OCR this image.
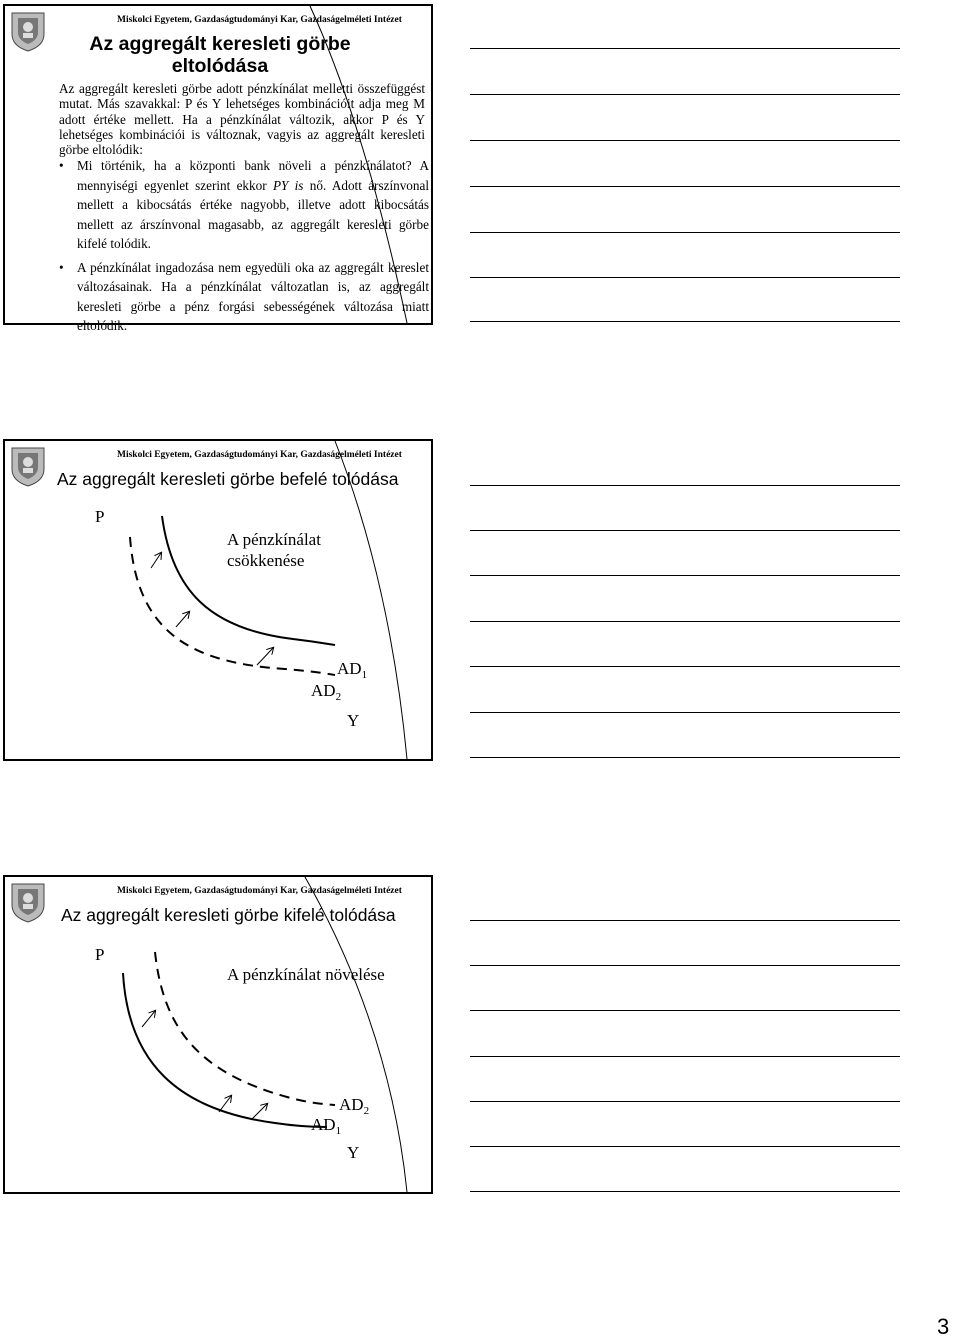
Miskolci Egyetem, Gazdaságtudományi Kar, Gazdaságelméleti Intézet
Az aggregált keresleti görbe
eltolódása

Az aggregált keresleti görbe adott pénzkínálat melletti összefüggést mutat. Más szavakkal: P és Y lehetséges kombinációit adja meg M adott értéke mellett. Ha a pénzkínálat változik, akkor P és Y lehetséges kombinációi is változnak, vagyis az aggregált keresleti görbe eltolódik:

• Mi történik, ha a központi bank növeli a pénzkínálatot? A mennyiségi egyenlet szerint ekkor PY is nő. Adott árszínvonal mellett a kibocsátás értéke nagyobb, illetve adott kibocsátás mellett az árszínvonal magasabb, az aggregált keresleti görbe kifelé tolódik.
• A pénzkínálat ingadozása nem egyedüli oka az aggregált kereslet változásainak. Ha a pénzkínálat változatlan is, az aggregált keresleti görbe a pénz forgási sebességének változása miatt eltolódik.
Miskolci Egyetem, Gazdaságtudományi Kar, Gazdaságelméleti Intézet
Az aggregált keresleti görbe befelé tolódása
P
A pénzkínálat
csökkenése
$AD_1$
$AD_2$
Y
Miskolci Egyetem, Gazdaságtudományi Kar, Gazdaságelméleti Intézet
Az aggregált keresleti görbe kifelé tolódása
P
A pénzkínálat növelése
$AD_2$
$AD_1$
Y
3
